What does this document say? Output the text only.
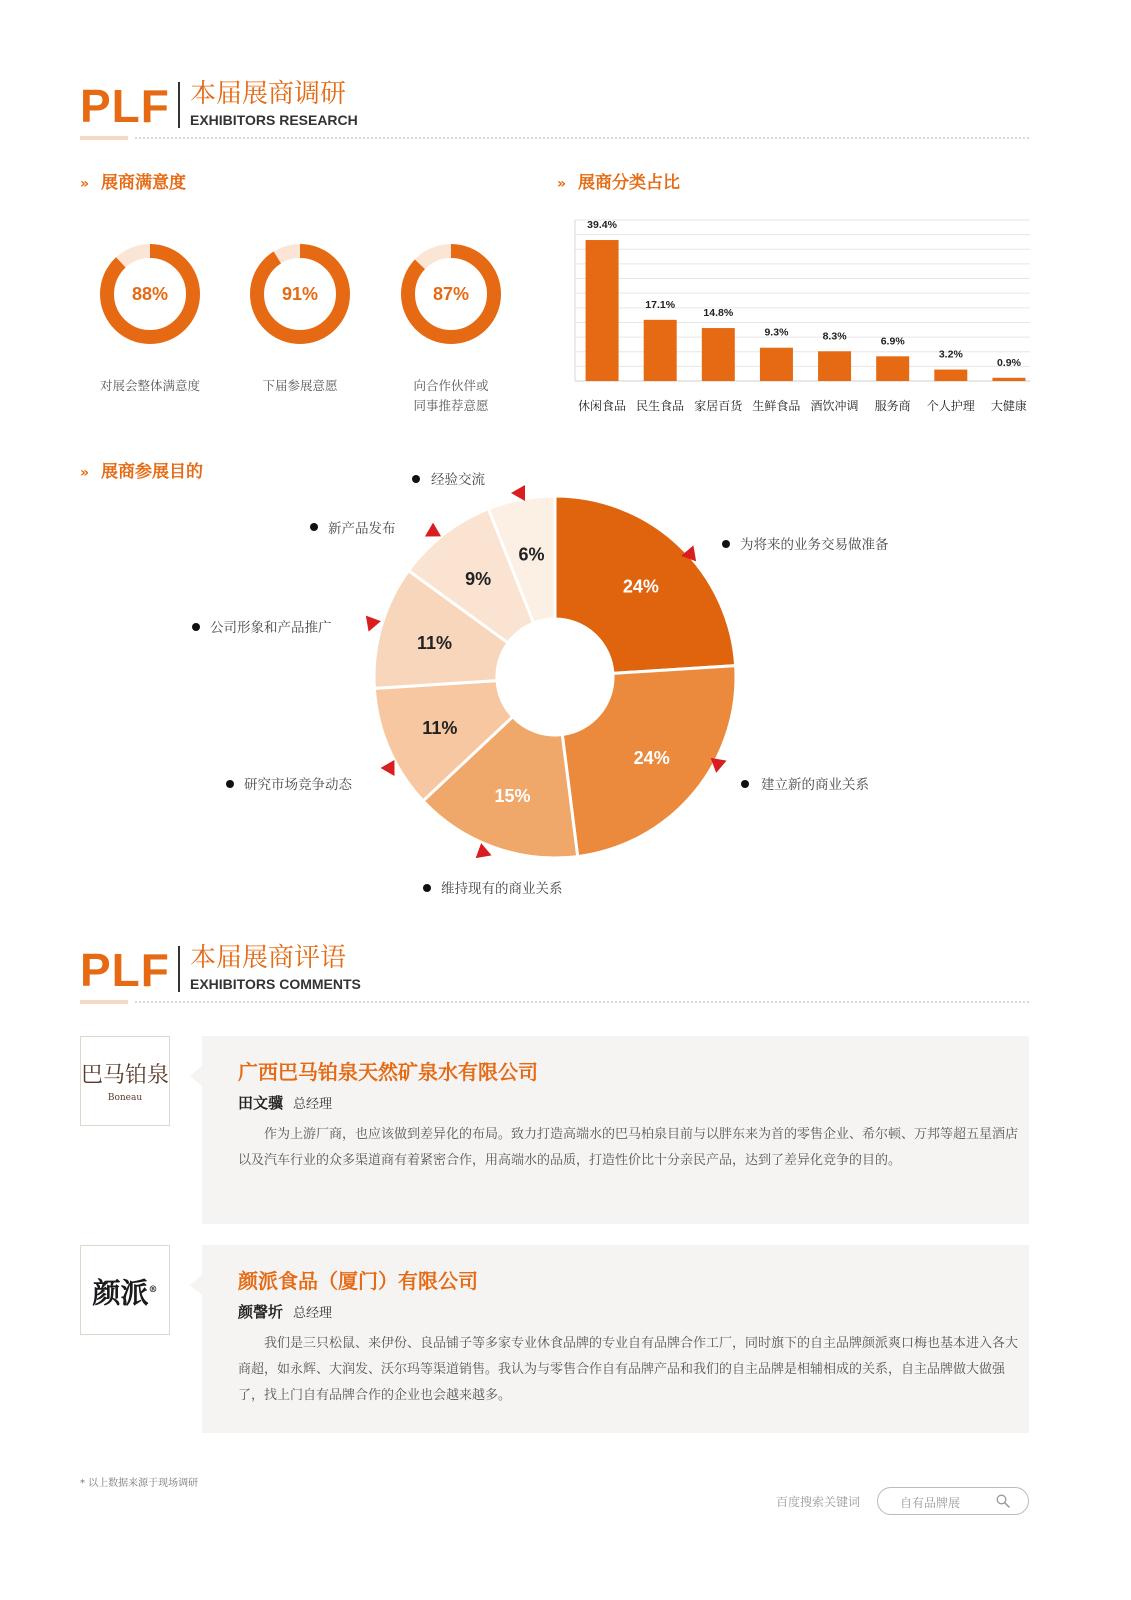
PLF 本届展商调研
EXHIBITORS RESEARCH
» 展商满意度
88%
对展会整体满意度
91%
下届参展意愿
87%
向合作伙伴或
同事推荐意愿
» 展商分类占比
39.4%
休闲食品
17.1%
民生食品
14.8%
家居百货
9.3%
生鲜食品
8.3%
酒饮冲调
6.9%
服务商
3.2%
个人护理
0.9%
大健康
» 展商参展目的
24%
为将来的业务交易做准备
24%
建立新的商业关系
15%
维持现有的商业关系
11%
研究市场竞争动态
11%
公司形象和产品推广
9%
新产品发布
6%
经验交流
PLF 本届展商评语
EXHIBITORS COMMENTS
巴马铂泉
Boneau
广西巴马铂泉天然矿泉水有限公司
田文骥 总经理
作为上游厂商，也应该做到差异化的布局。致力打造高端水的巴马柏泉目前与以胖东来为首的零售企业、希尔顿、万邦等超五星酒店以及汽车行业的众多渠道商有着紧密合作，用高端水的品质，打造性价比十分亲民产品，达到了差异化竞争的目的。
颜派®	颜派食品（厦门）有限公司
颜謦圻 总经理
我们是三只松鼠、来伊份、良品铺子等多家专业休食品牌的专业自有品牌合作工厂，同时旗下的自主品牌颜派爽口梅也基本进入各大商超，如永辉、大润发、沃尔玛等渠道销售。我认为与零售合作自有品牌产品和我们的自主品牌是相辅相成的关系，自主品牌做大做强了，找上门自有品牌合作的企业也会越来越多。
* 以上数据来源于现场调研
百度搜索关键词	自有品牌展
